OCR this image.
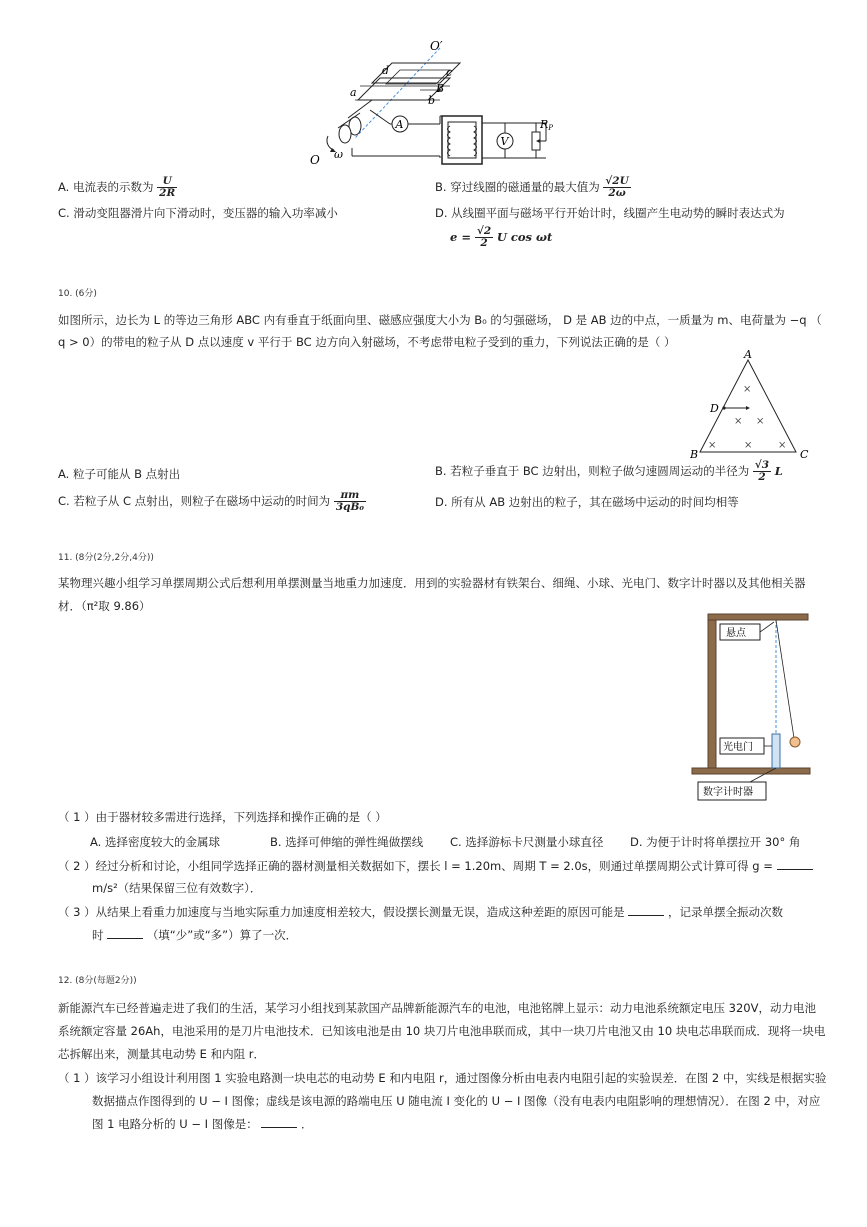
A
V
RP
O′
O ω
d	c
a
b
B
A. 电流表的示数为 $\frac{U}{2R}$	B. 穿过线圈的磁通量的最大值为 $\frac{√2U}{2\omega}$
C. 滑动变阻器滑片向下滑动时，变压器的输入功率减小	D. 从线圈平面与磁场平行开始计时，线圈产生电动势的瞬时表达式为
$e = \frac{√2}{2}$ U cos ωt
10. (6分)
如图所示，边长为 L 的等边三角形 ABC 内有垂直于纸面向里、磁感应强度大小为 B₀ 的匀强磁场， D 是 AB 边的中点，一质量为 m、电荷量为 −q （
q > 0）的带电的粒子从 D 点以速度 v 平行于 BC 边方向入射磁场，不考虑带电粒子受到的重力，下列说法正确的是（ ）
A
B	C
D
×
× ×
×	×	×
A. 粒子可能从 B 点射出	B. 若粒子垂直于 BC 边射出，则粒子做匀速圆周运动的半径为 $\frac{√3}{2}$ L
C. 若粒子从 C 点射出，则粒子在磁场中运动的时间为 $\frac{\pi m}{\text{3qB₀}}$	D. 所有从 AB 边射出的粒子，其在磁场中运动的时间均相等
11. (8分(2分,2分,4分))
某物理兴趣小组学习单摆周期公式后想利用单摆测量当地重力加速度．用到的实验器材有铁架台、细绳、小球、光电门、数字计时器以及其他相关器
材．（π²取 9.86）
悬点
光电门
数字计时器
（ 1 ）由于器材较多需进行选择，下列选择和操作正确的是（ ）
A. 选择密度较大的金属球	B. 选择可伸缩的弹性绳做摆线 C. 选择游标卡尺测量小球直径 D. 为便于计时将单摆拉开 30° 角
（ 2 ）经过分析和讨论，小组同学选择正确的器材测量相关数据如下，摆长 l = 1.20m、周期 T = 2.0s，则通过单摆周期公式计算可得 g =
m/s²（结果保留三位有效数字）．
（ 3 ）从结果上看重力加速度与当地实际重力加速度相差较大，假设摆长测量无误，造成这种差距的原因可能是	，记录单摆全振动次数
时	（填“少”或“多”）算了一次．
12. (8分(每题2分))
新能源汽车已经普遍走进了我们的生活，某学习小组找到某款国产品牌新能源汽车的电池，电池铭牌上显示：动力电池系统额定电压 320V，动力电池
系统额定容量 26Ah，电池采用的是刀片电池技术．已知该电池是由 10 块刀片电池串联而成，其中一块刀片电池又由 10 块电芯串联而成．现将一块电
芯拆解出来，测量其电动势 E 和内阻 r．
（ 1 ）该学习小组设计利用图 1 实验电路测一块电芯的电动势 E 和内电阻 r，通过图像分析由电表内电阻引起的实验误差．在图 2 中，实线是根据实验
数据描点作图得到的 U − I 图像；虚线是该电源的路端电压 U 随电流 I 变化的 U − I 图像（没有电表内电阻影响的理想情况）．在图 2 中，对应
图 1 电路分析的 U − I 图像是：	．
